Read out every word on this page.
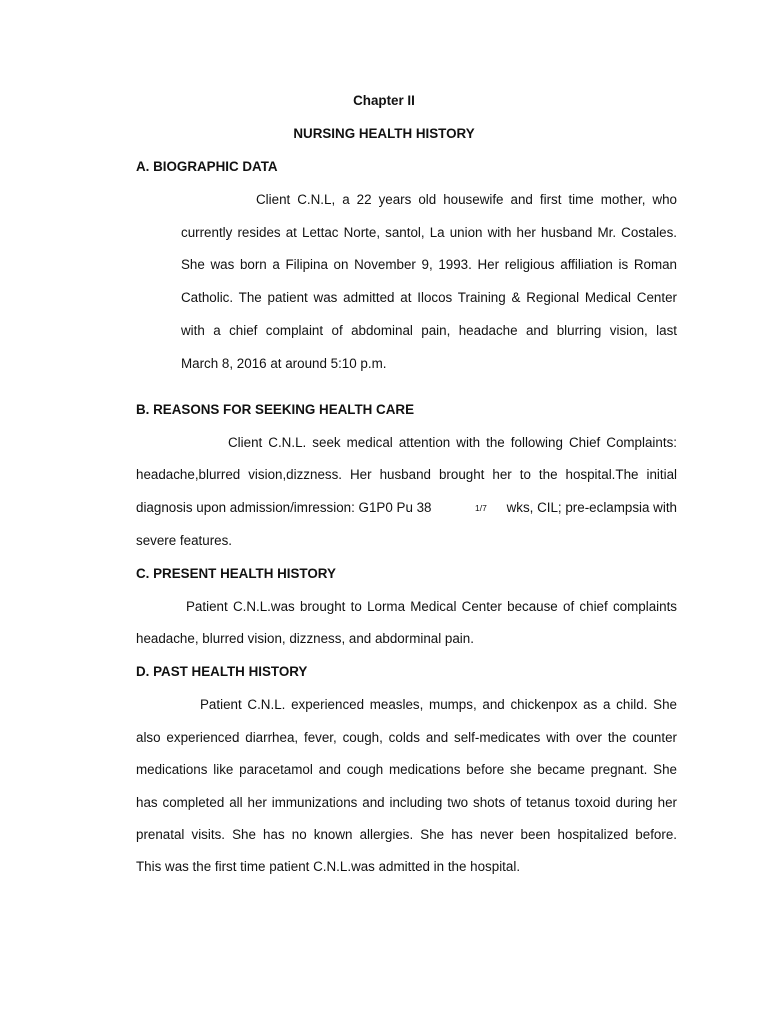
Chapter II
NURSING HEALTH HISTORY
A. BIOGRAPHIC DATA
Client C.N.L, a 22 years old housewife and first time mother, who
currently resides at Lettac Norte, santol, La union with her husband Mr. Costales.
She was born a Filipina on November 9, 1993. Her religious affiliation is Roman
Catholic. The patient was admitted at Ilocos Training & Regional Medical Center
with a chief complaint of abdominal pain, headache and blurring vision, last
March 8, 2016 at around 5:10 p.m.
B. REASONS FOR SEEKING HEALTH CARE
Client C.N.L. seek medical attention with the following Chief Complaints:
headache,blurred vision,dizzness. Her husband brought her to the hospital.The initial
diagnosis upon admission/imression: G1P0 Pu 38	1/7 wks, CIL; pre-eclampsia with
severe features.
C. PRESENT HEALTH HISTORY
Patient C.N.L.was brought to Lorma Medical Center because of chief complaints
headache, blurred vision, dizzness, and abdorminal pain.
D. PAST HEALTH HISTORY
Patient C.N.L. experienced measles, mumps, and chickenpox as a child. She
also experienced diarrhea, fever, cough, colds and self-medicates with over the counter
medications like paracetamol and cough medications before she became pregnant. She
has completed all her immunizations and including two shots of tetanus toxoid during her
prenatal visits. She has no known allergies. She has never been hospitalized before.
This was the first time patient C.N.L.was admitted in the hospital.
